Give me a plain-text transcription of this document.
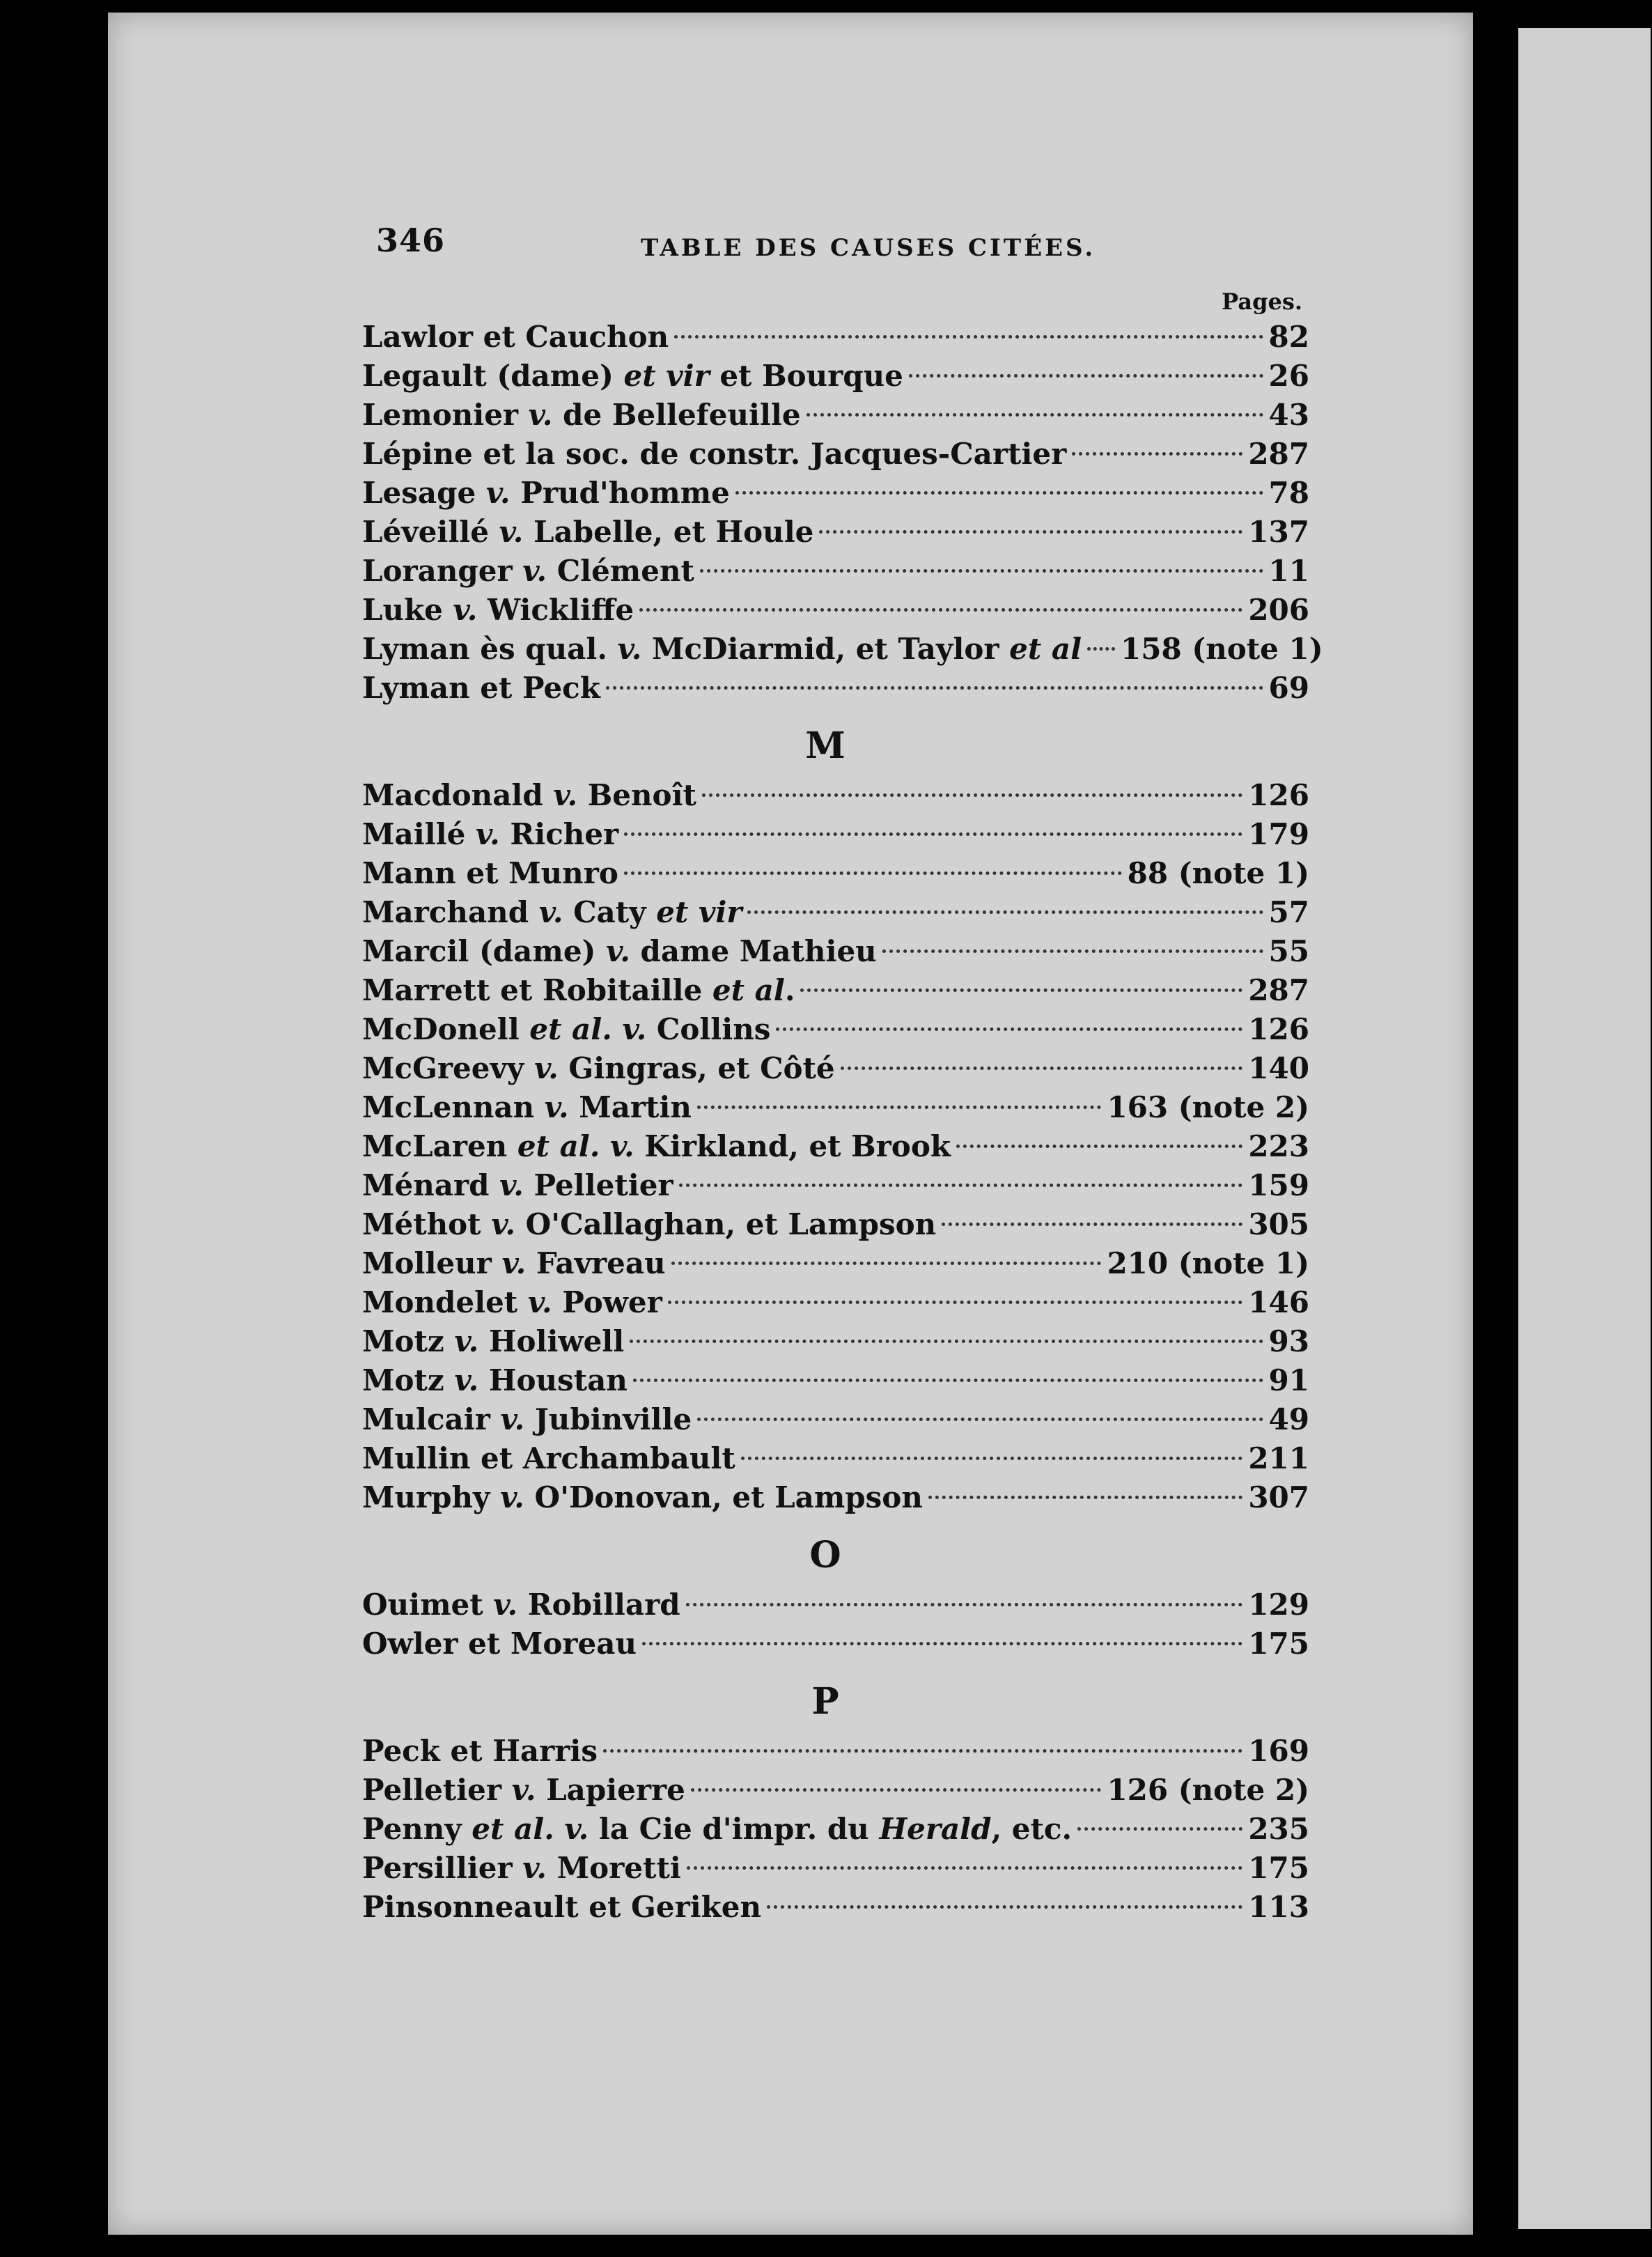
346	TABLE DES CAUSES CITÉES.
Pages.
Lawlor et Cauchon	82
Legault (dame) et vir et Bourque	26
Lemonier v. de Bellefeuille	43
Lépine et la soc. de constr. Jacques-Cartier	287
Lesage v. Prud'homme	78
Léveillé v. Labelle, et Houle	137
Loranger v. Clément	11
Luke v. Wickliffe	206
Lyman ès qual. v. McDiarmid, et Taylor et al 158 (note 1)
Lyman et Peck	69
M
Macdonald v. Benoît	126
Maillé v. Richer	179
Mann et Munro	88 (note 1)
Marchand v. Caty et vir	57
Marcil (dame) v. dame Mathieu	55
Marrett et Robitaille et al.	287
McDonell et al. v. Collins	126
McGreevy v. Gingras, et Côté	140
McLennan v. Martin	163 (note 2)
McLaren et al. v. Kirkland, et Brook	223
Ménard v. Pelletier	159
Méthot v. O'Callaghan, et Lampson	305
Molleur v. Favreau	210 (note 1)
Mondelet v. Power	146
Motz v. Holiwell	93
Motz v. Houstan	91
Mulcair v. Jubinville	49
Mullin et Archambault	211
Murphy v. O'Donovan, et Lampson	307
O
Ouimet v. Robillard	129
Owler et Moreau	175
P
Peck et Harris	169
Pelletier v. Lapierre	126 (note 2)
Penny et al. v. la Cie d'impr. du Herald, etc.	235
Persillier v. Moretti	175
Pinsonneault et Geriken	113
